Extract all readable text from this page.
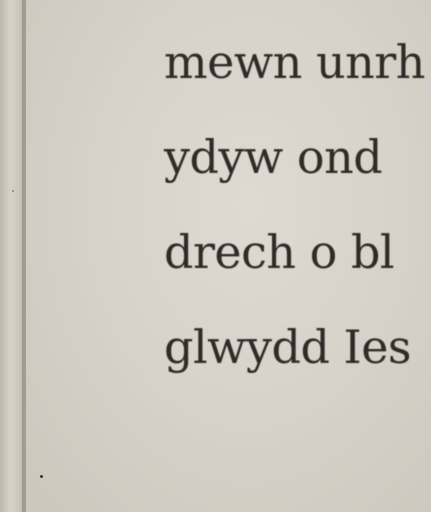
mewn unrh
ydyw ond
drech o bl
glwydd Ies
